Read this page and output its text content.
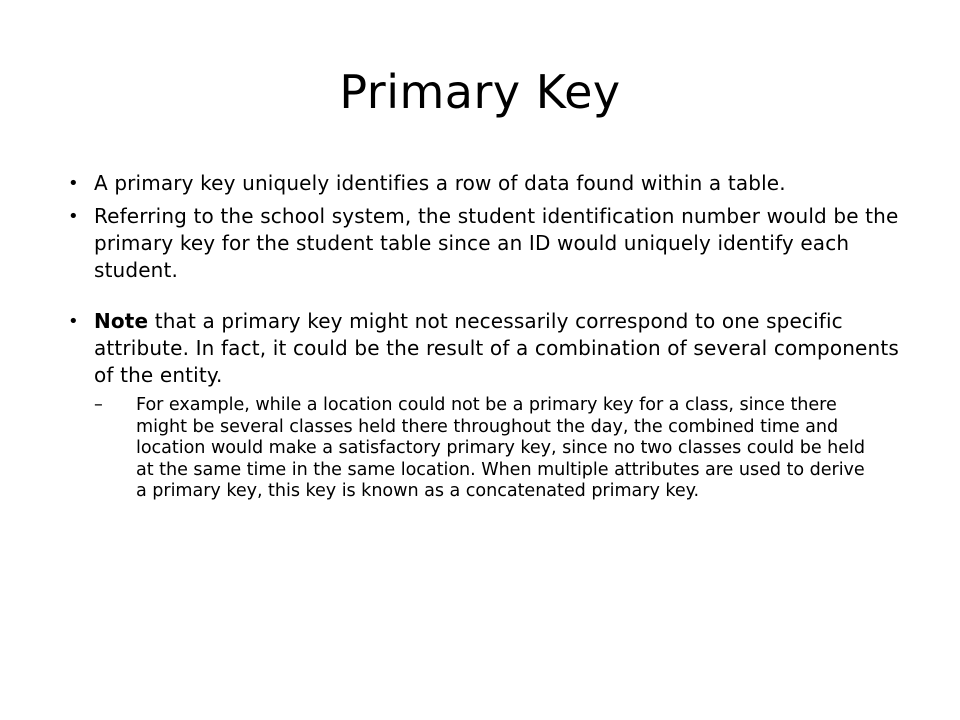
Primary Key
• A primary key uniquely identifies a row of data found within a table.
• Referring to the school system, the student identification number would be the primary key for the student table since an ID would uniquely identify each student.
• Note that a primary key might not necessarily correspond to one specific attribute. In fact, it could be the result of a combination of several components of the entity.
– For example, while a location could not be a primary key for a class, since there might be several classes held there throughout the day, the combined time and location would make a satisfactory primary key, since no two classes could be held at the same time in the same location. When multiple attributes are used to derive a primary key, this key is known as a concatenated primary key.
